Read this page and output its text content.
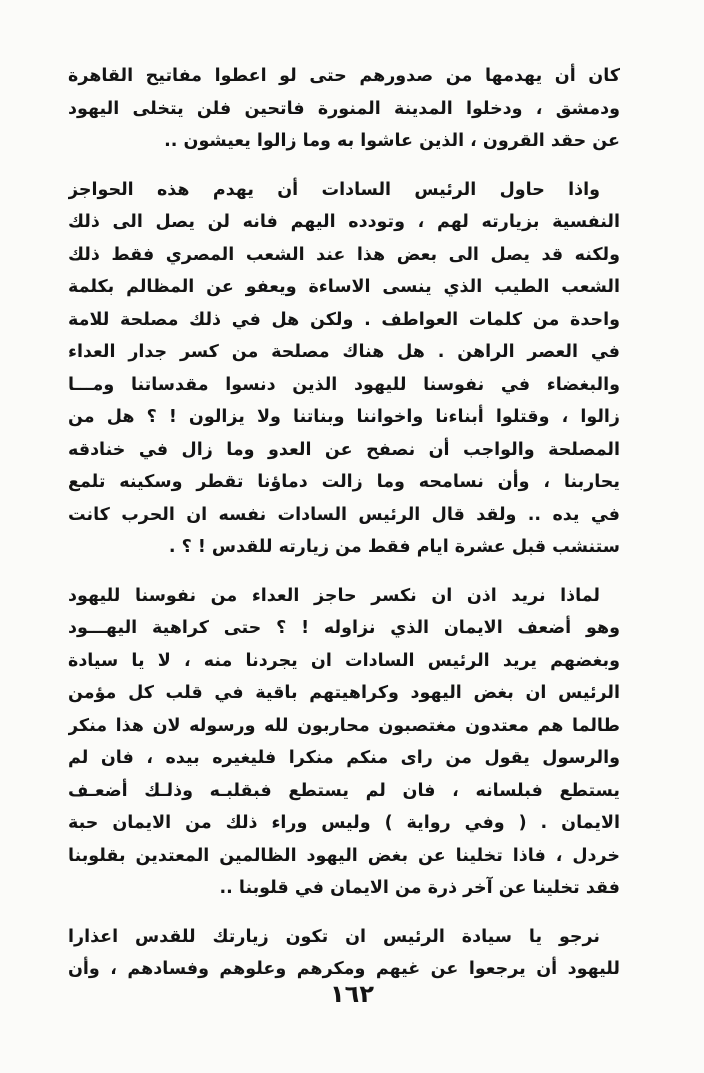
كان أن يهدمها من صدورهم حتى لو اعطوا مفاتيح القاهرة
ودمشق ، ودخلوا المدينة المنورة فاتحين فلن يتخلى اليهود
عن حقد القرون ، الذين عاشوا به وما زالوا يعيشون ..
واذا حاول الرئيس السادات أن يهدم هذه الحواجز
النفسية بزيارته لهم ، وتودده اليهم فانه لن يصل الى ذلك
ولكنه قد يصل الى بعض هذا عند الشعب المصري فقط ذلك
الشعب الطيب الذي ينسى الاساءة ويعفو عن المظالم بكلمة
واحدة من كلمات العواطف . ولكن هل في ذلك مصلحة للامة
في العصر الراهن . هل هناك مصلحة من كسر جدار العداء
والبغضاء في نفوسنا لليهود الذين دنسوا مقدساتنا ومـــا
زالوا ، وقتلوا أبناءنا واخواننا وبناتنا ولا يزالون ! ؟ هل من
المصلحة والواجب أن نصفح عن العدو وما زال في خنادقه
يحاربنا ، وأن نسامحه وما زالت دماؤنا تقطر وسكينه تلمع
في يده .. ولقد قال الرئيس السادات نفسه ان الحرب كانت
ستنشب قبل عشرة ايام فقط من زيارته للقدس ! ؟ .
لماذا نريد اذن ان نكسر حاجز العداء من نفوسنا لليهود
وهو أضعف الايمان الذي نزاوله ! ؟ حتى كراهية اليهـــود
وبغضهم يريد الرئيس السادات ان يجردنا منه ، لا يا سيادة
الرئيس ان بغض اليهود وكراهيتهم باقية في قلب كل مؤمن
طالما هم معتدون مغتصبون محاربون لله ورسوله لان هذا منكر
والرسول يقول من راى منكم منكرا فليغيره بيده ، فان لم
يستطع فبلسانه ، فان لم يستطع فبقلبـه وذلـك أضعـف
الايمان . ( وفي رواية ) وليس وراء ذلك من الايمان حبة
خردل ، فاذا تخلينا عن بغض اليهود الظالمين المعتدين بقلوبنا
فقد تخلينا عن آخر ذرة من الايمان في قلوبنا ..
نرجو يا سيادة الرئيس ان تكون زيارتك للقدس اعذارا
لليهود أن يرجعوا عن غيهم ومكرهم وعلوهم وفسادهم ، وأن
١٦٢
